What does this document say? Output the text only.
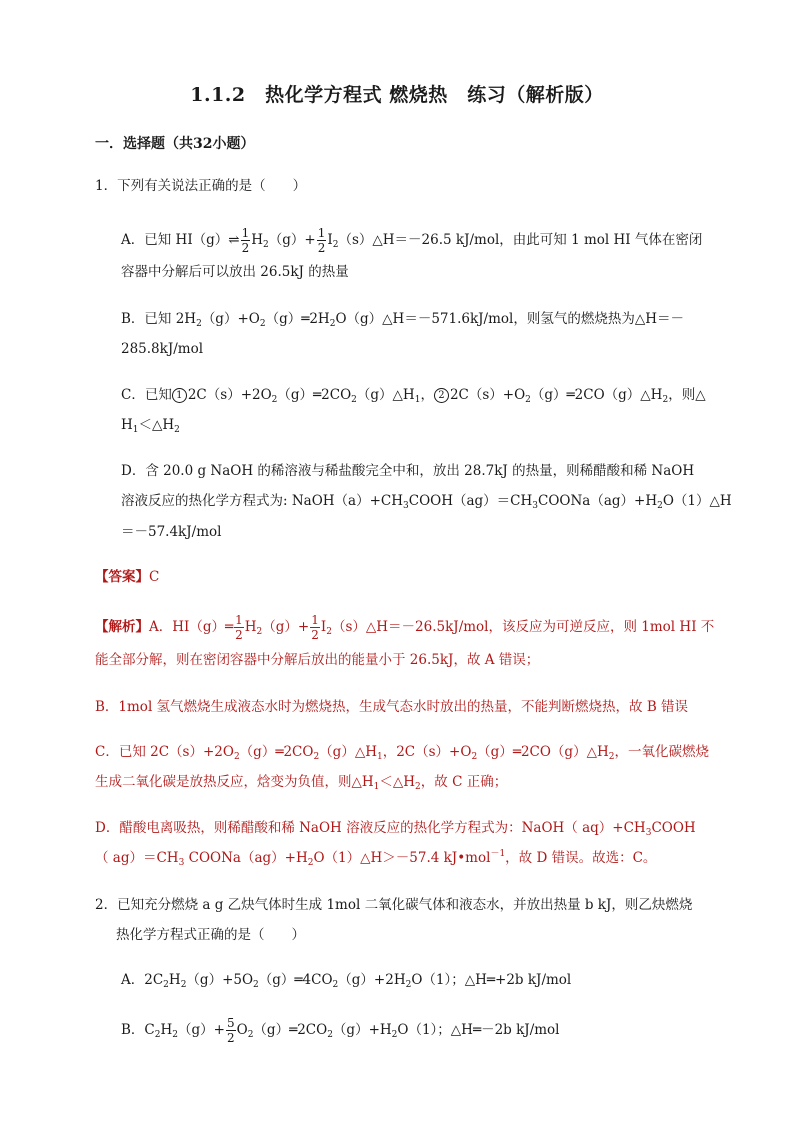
1.1.2　热化学方程式 燃烧热　练习（解析版）
一．选择题（共32小题）
1．下列有关说法正确的是（　　）
A．已知 HI（g）⇌ $\frac{1}{2} H_2(g)+ \frac{1}{2}$ $I_2(s)\triangle H=-26.5$ kJ/mol，由此可知 1 mol HI 气体在密闭
容器中分解后可以放出 26.5kJ 的热量
B．已知 $2H_2(g)+O_2(g)═2H_2O(g)\triangle H=-571.6kJ$/mol，则氢气的燃烧热为△H＝－
285.8kJ/mol
C．已知 1 $2C(s)+2O_2(g)═2CO_2(g)\triangle H_1$， 2 $2C(s)+O_2(g)═2CO(g)\triangle H_2$，则△
$H_1<\triangle H_2$
D．含 20.0 g NaOH 的稀溶液与稀盐酸完全中和，放出 28.7kJ 的热量，则稀醋酸和稀 NaOH
溶液反应的热化学方程式为: $NaOH(a)+CH_3COOH(ag)=CH_3COONa(ag)+H_2O(1)\triangle H$
＝－57.4kJ/mol
【答案】C
【解析】A．HI（g）═ $\frac{1}{2} H_2(g)+ \frac{1}{2}$ $I_2(s)\triangle H=-26.5kJ$/mol，该反应为可逆反应，则 1mol HI 不
能全部分解，则在密闭容器中分解后放出的能量小于 26.5kJ，故 A 错误；
B．1mol 氢气燃烧生成液态水时为燃烧热，生成气态水时放出的热量，不能判断燃烧热，故 B 错误
C．已知 $2C(s)+2O_2(g)═2CO_2(g)\triangle H_1$，$2C(s)+O_2(g)═2CO(g)\triangle H_2$，一氧化碳燃烧
生成二氧化碳是放热反应，焓变为负值，则$\triangle H_1<\triangle H_2$，故 C 正确；
D．醋酸电离吸热，则稀醋酸和稀 NaOH 溶液反应的热化学方程式为：NaOH（ $aq)+CH_3COOH$
（ $ag)=CH_3$ $COONa(ag)+H_2O(1)\triangle H>-57.4$ kJ•mol$^{-1}$，故 D 错误。故选：C。
2．已知充分燃烧 a g 乙炔气体时生成 1mol 二氧化碳气体和液态水，并放出热量 b kJ，则乙炔燃烧
热化学方程式正确的是（　　）
A．$2C_2H_2(g)+5O_2(g)═4CO_2(g)+2H_2O(1)$；△H═+2b kJ/mol
B．$C_2H_2(g)+ \frac{5}{2}$ $O_2(g)═2CO_2(g)+H_2O(1)$；△H═－2b kJ/mol
